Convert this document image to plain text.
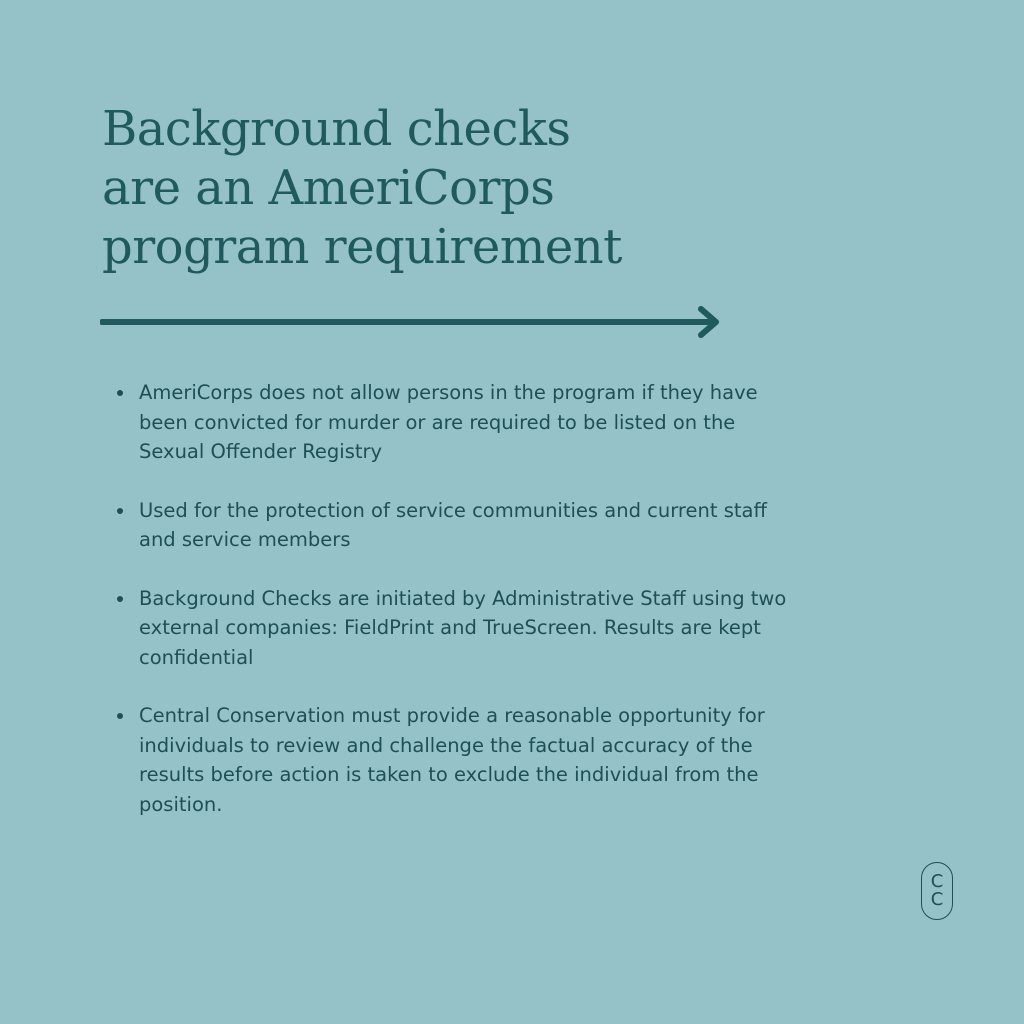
Background checks
are an AmeriCorps
program requirement
AmeriCorps does not allow persons in the program if they have been convicted for murder or are required to be listed on the Sexual Offender Registry
Used for the protection of service communities and current staff and service members
Background Checks are initiated by Administrative Staff using two external companies: FieldPrint and TrueScreen. Results are kept confidential
Central Conservation must provide a reasonable opportunity for individuals to review and challenge the factual accuracy of the results before action is taken to exclude the individual from the position.
C
C
